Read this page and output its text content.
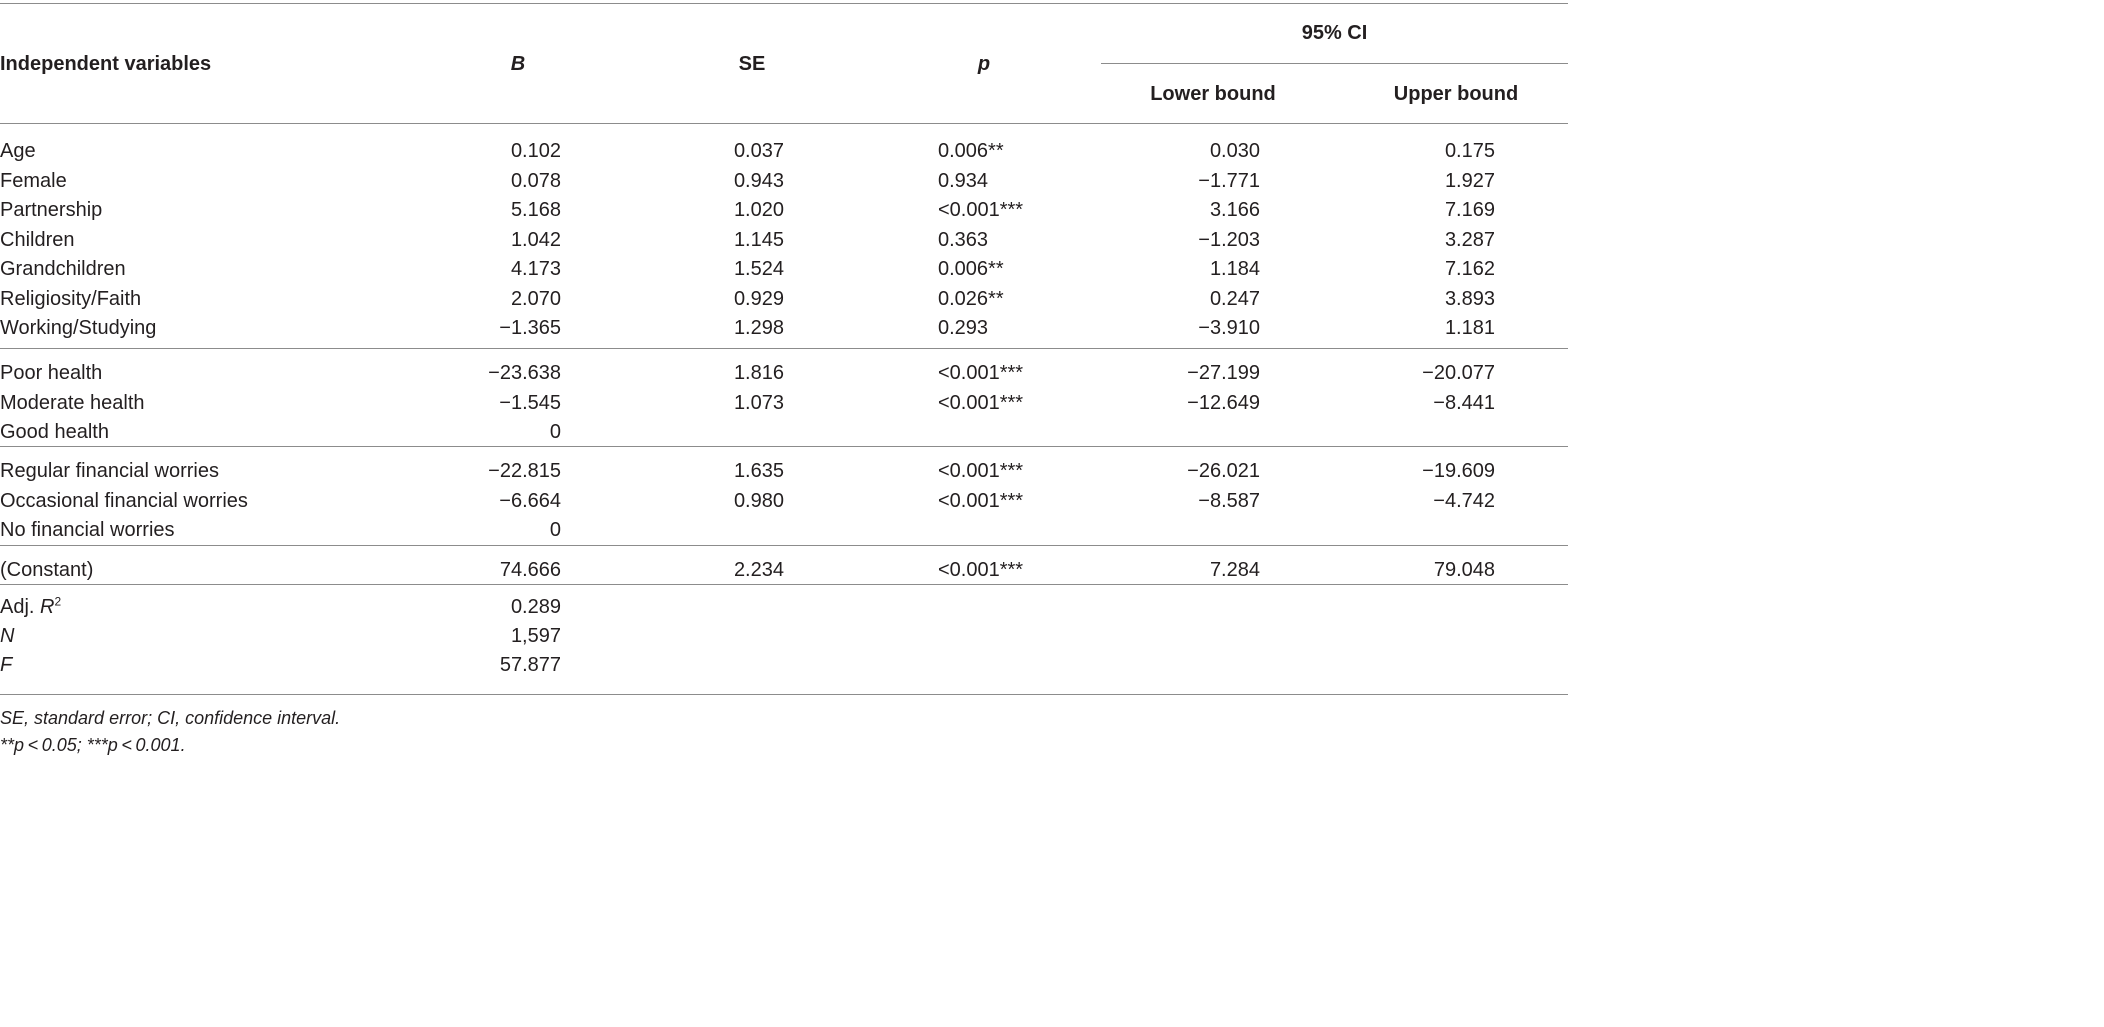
Independent variables	B	SE	p
95% CI
Lower bound	Upper bound
Age	0.102	0.037	0.006**	0.030	0.175
Female	0.078	0.943	0.934	−1.771	1.927
Partnership	5.168	1.020	<0.001***	3.166	7.169
Children	1.042	1.145	0.363	−1.203	3.287
Grandchildren	4.173	1.524	0.006**	1.184	7.162
Religiosity/Faith	2.070	0.929	0.026**	0.247	3.893
Working/Studying	−1.365	1.298	0.293	−3.910	1.181
Poor health	−23.638	1.816	<0.001***	−27.199	−20.077
Moderate health	−1.545	1.073	<0.001***	−12.649	−8.441
Good health	0
Regular financial worries	−22.815	1.635	<0.001***	−26.021	−19.609
Occasional financial worries	−6.664	0.980	<0.001***	−8.587	−4.742
No financial worries	0
(Constant)	74.666	2.234	<0.001***	7.284	79.048
Adj. $R^2$	0.289
N	1,597
F	57.877
SE, standard error; CI, confidence interval.
**p < 0.05; ***p < 0.001.
